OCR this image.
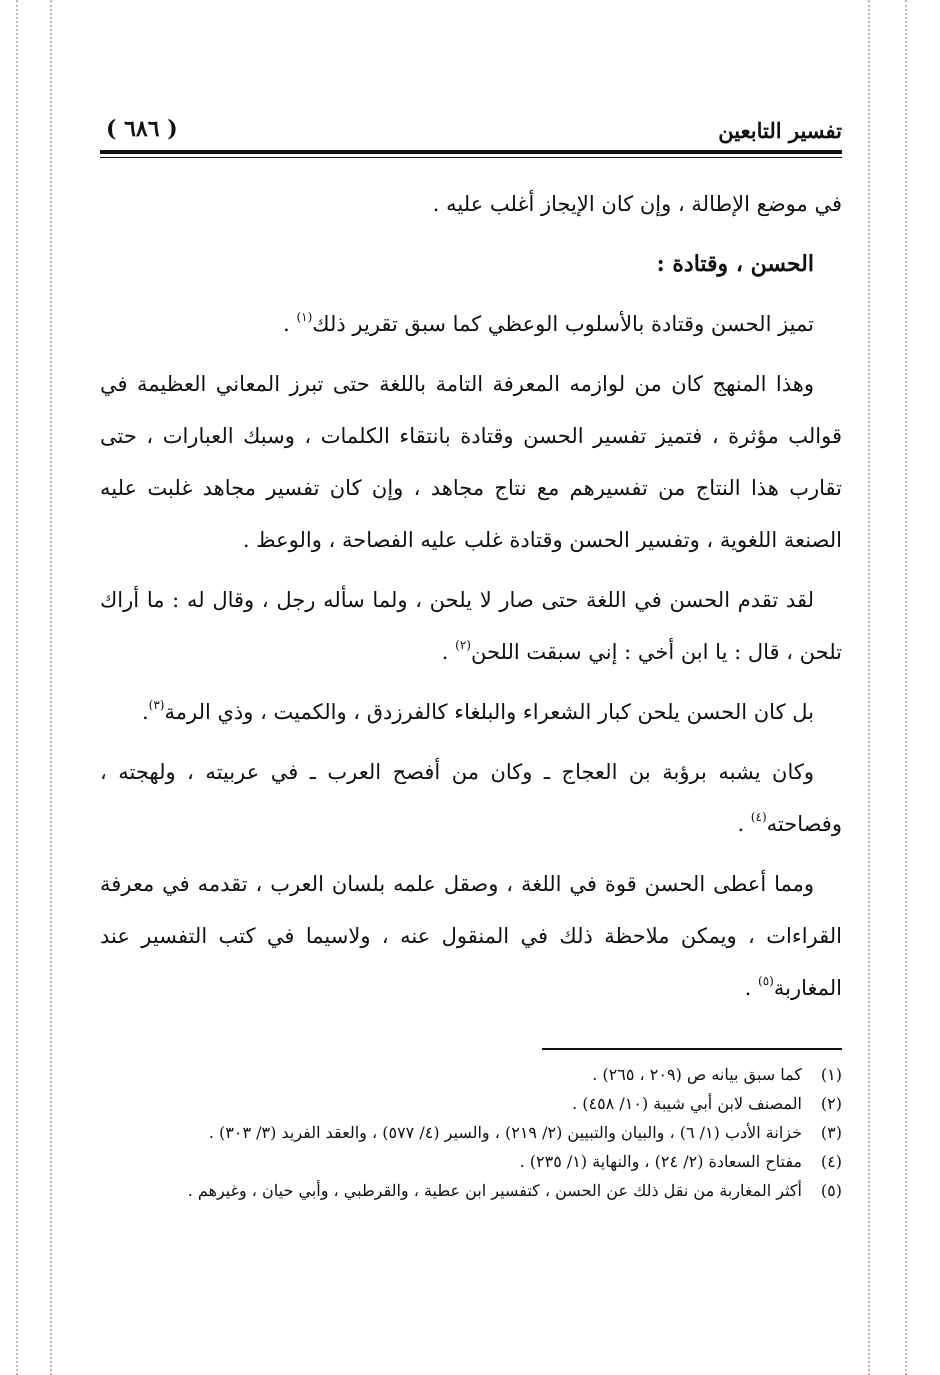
تفسير التابعين
( ٦٨٦ )

في موضع الإطالة ، وإن كان الإيجاز أغلب عليه .

الحسن ، وقتادة :

تميز الحسن وقتادة بالأسلوب الوعظي كما سبق تقرير ذلك$^{(١)}$ .

وهذا المنهج كان من لوازمه المعرفة التامة باللغة حتى تبرز المعاني العظيمة في قوالب مؤثرة ، فتميز تفسير الحسن وقتادة بانتقاء الكلمات ، وسبك العبارات ، حتى تقارب هذا النتاج من تفسيرهم مع نتاج مجاهد ، وإن كان تفسير مجاهد غلبت عليه الصنعة اللغوية ، وتفسير الحسن وقتادة غلب عليه الفصاحة ، والوعظ .

لقد تقدم الحسن في اللغة حتى صار لا يلحن ، ولما سأله رجل ، وقال له : ما أراك تلحن ، قال : يا ابن أخي : إني سبقت اللحن$^{(٢)}$ .

بل كان الحسن يلحن كبار الشعراء والبلغاء كالفرزدق ، والكميت ، وذي الرمة$^{(٣)}$.

وكان يشبه برؤبة بن العجاج ـ وكان من أفصح العرب ـ في عربيته ، ولهجته ، وفصاحته$^{(٤)}$ .

ومما أعطى الحسن قوة في اللغة ، وصقل علمه بلسان العرب ، تقدمه في معرفة القراءات ، ويمكن ملاحظة ذلك في المنقول عنه ، ولاسيما في كتب التفسير عند المغاربة$^{(٥)}$ .

(١)
كما سبق بيانه ص (٢٠٩ ، ٢٦٥) .
(٢)
المصنف لابن أبي شيبة (١٠/ ٤٥٨) .
(٣)
خزانة الأدب (١/ ٦) ، والبيان والتبيين (٢/ ٢١٩) ، والسير (٤/ ٥٧٧) ، والعقد الفريد (٣/ ٣٠٣) .
(٤)
مفتاح السعادة (٢/ ٢٤) ، والنهاية (١/ ٢٣٥) .
(٥)
أكثر المغاربة من نقل ذلك عن الحسن ، كتفسير ابن عطية ، والقرطبي ، وأبي حيان ، وغيرهم .
